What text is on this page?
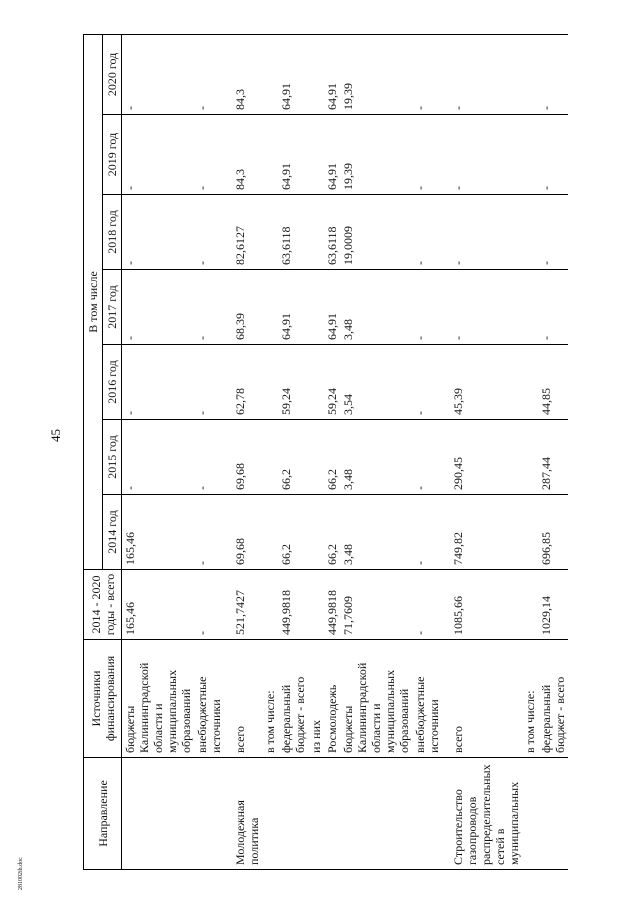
45
281002ih.doc
Направление	Источники финансирования	2014 - 2020 годы - всего	В том числе						
			2014 год	2015 год	2016 год	2017 год	2018 год	2019 год	2020 год
	бюджеты Калининградской области и муниципальных образований	165,46	165,46	-	-	-	-	-	-
	внебюджетные источники	-	-	-	-	-	-	-	-
Молодежная политика	всего	521,7427	69,68	69,68	62,78	68,39	82,6127	84,3	84,3
	в том числе:								
	федеральный бюджет - всего	449,9818	66,2	66,2	59,24	64,91	63,6118	64,91	64,91
	из них								
	Росмолодежь	449,9818	66,2	66,2	59,24	64,91	63,6118	64,91	64,91
	бюджеты Калининградской области и муниципальных образований	71,7609	3,48	3,48	3,54	3,48	19,0009	19,39	19,39
	внебюджетные источники	-	-	-	-	-	-	-	-
Строительство газопроводов распределительных сетей в муниципальных	всего	1085,66	749,82	290,45	45,39	-	-	-	-
	в том числе:								
	федеральный бюджет - всего	1029,14	696,85	287,44	44,85	-	-	-	-
